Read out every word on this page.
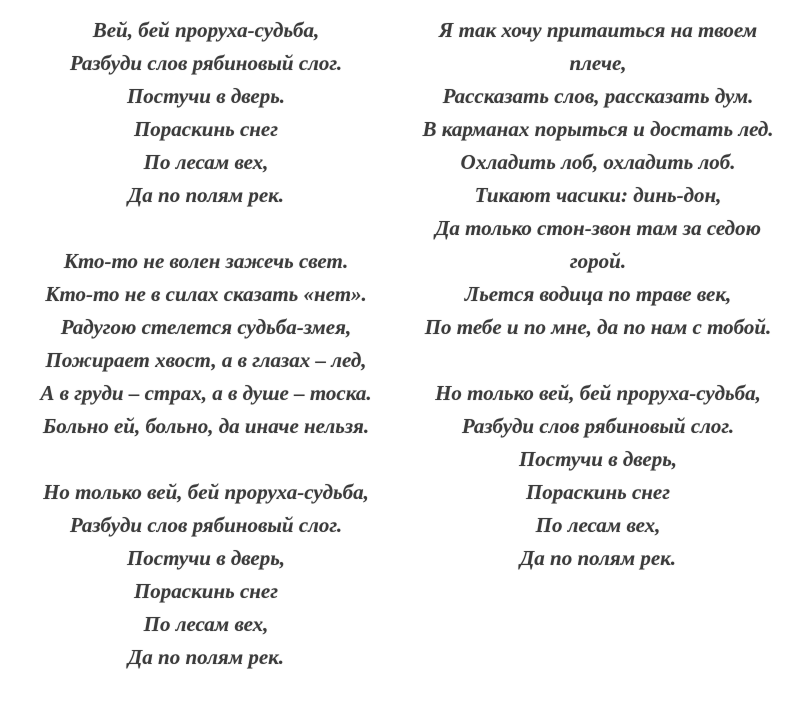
Вей, бей проруха-судьба,
Разбуди слов рябиновый слог.
Постучи в дверь.
Пораскинь снег
По лесам вех,
Да по полям рек.
Кто-то не волен зажечь свет.
Кто-то не в силах сказать «нет».
Радугою стелется судьба-змея,
Пожирает хвост, а в глазах – лед,
А в груди – страх, а в душе – тоска.
Больно ей, больно, да иначе нельзя.
Но только вей, бей проруха-судьба,
Разбуди слов рябиновый слог.
Постучи в дверь,
Пораскинь снег
По лесам вех,
Да по полям рек.
Я так хочу притаиться на твоем плече,
Рассказать слов, рассказать дум.
В карманах порыться и достать лед.
Охладить лоб, охладить лоб.
Тикают часики: динь-дон,
Да только стон-звон там за седою горой.
Льется водица по траве век,
По тебе и по мне, да по нам с тобой.
Но только вей, бей проруха-судьба,
Разбуди слов рябиновый слог.
Постучи в дверь,
Пораскинь снег
По лесам вех,
Да по полям рек.
